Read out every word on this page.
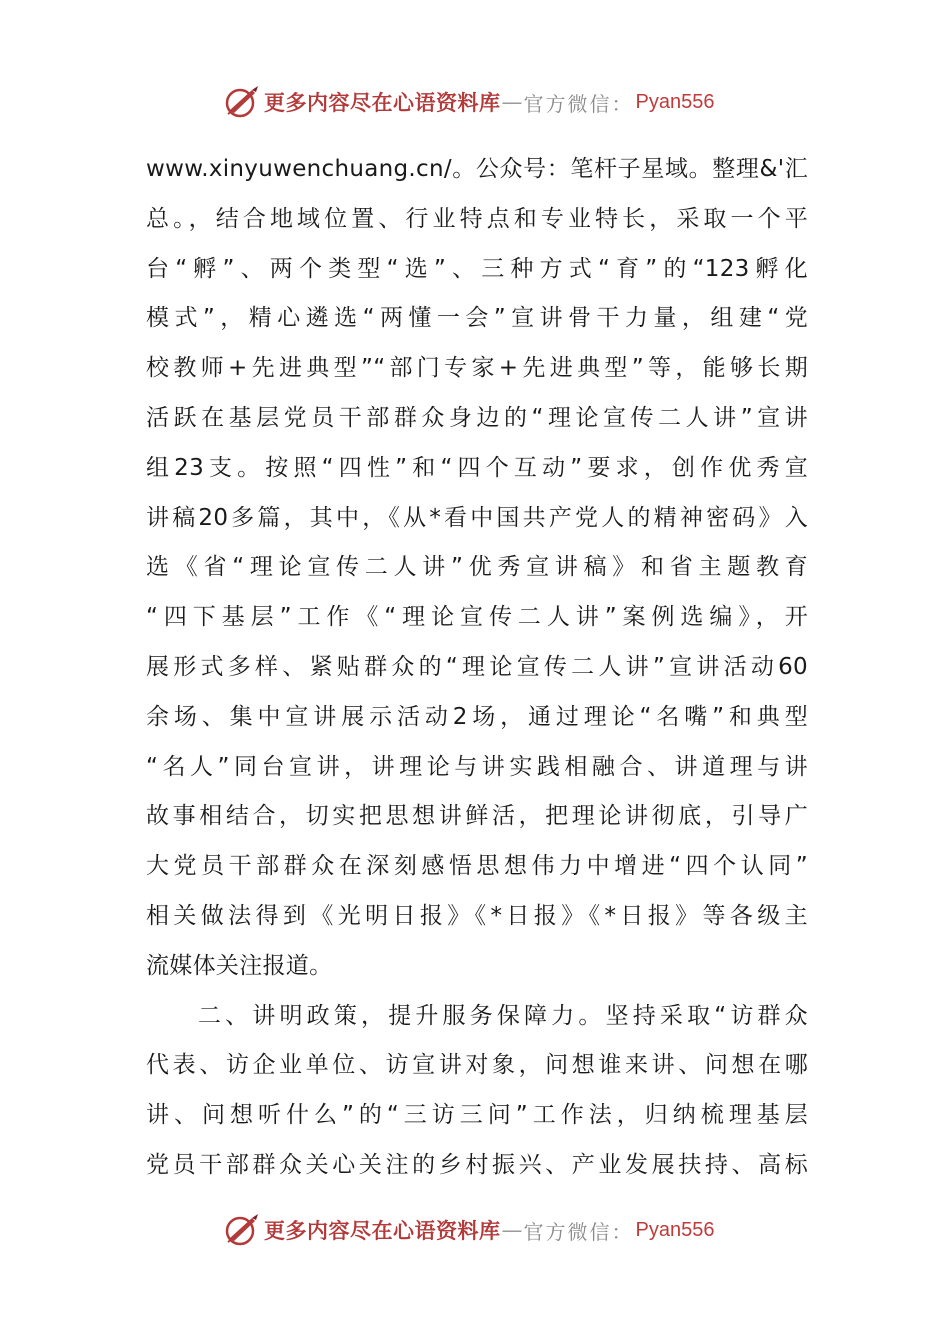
更多内容尽在心语资料库 — 官方微信： Pyan556
www.xinyuwenchuang.cn/。公众号：笔杆子星域。整理&'汇
总。，结合地域位置、行业特点和专业特长，采取一个平
台“孵”、两个类型“选”、三种方式“育”的“123孵化
模式”，精心遴选“两懂一会”宣讲骨干力量，组建“党
校教师+先进典型”“部门专家+先进典型”等，能够长期
活跃在基层党员干部群众身边的“理论宣传二人讲”宣讲
组23支。按照“四性”和“四个互动”要求，创作优秀宣
讲稿20多篇，其中，《从*看中国共产党人的精神密码》入
选《省“理论宣传二人讲”优秀宣讲稿》和省主题教育
“四下基层”工作《“理论宣传二人讲”案例选编》，开
展形式多样、紧贴群众的“理论宣传二人讲”宣讲活动60
余场、集中宣讲展示活动2场，通过理论“名嘴”和典型
“名人”同台宣讲，讲理论与讲实践相融合、讲道理与讲
故事相结合，切实把思想讲鲜活，把理论讲彻底，引导广
大党员干部群众在深刻感悟思想伟力中增进“四个认同”
相关做法得到《光明日报》《*日报》《*日报》等各级主
流媒体关注报道。
二、讲明政策，提升服务保障力。坚持采取“访群众
代表、访企业单位、访宣讲对象，问想谁来讲、问想在哪
讲、问想听什么”的“三访三问”工作法，归纳梳理基层
党员干部群众关心关注的乡村振兴、产业发展扶持、高标
更多内容尽在心语资料库 — 官方微信： Pyan556
